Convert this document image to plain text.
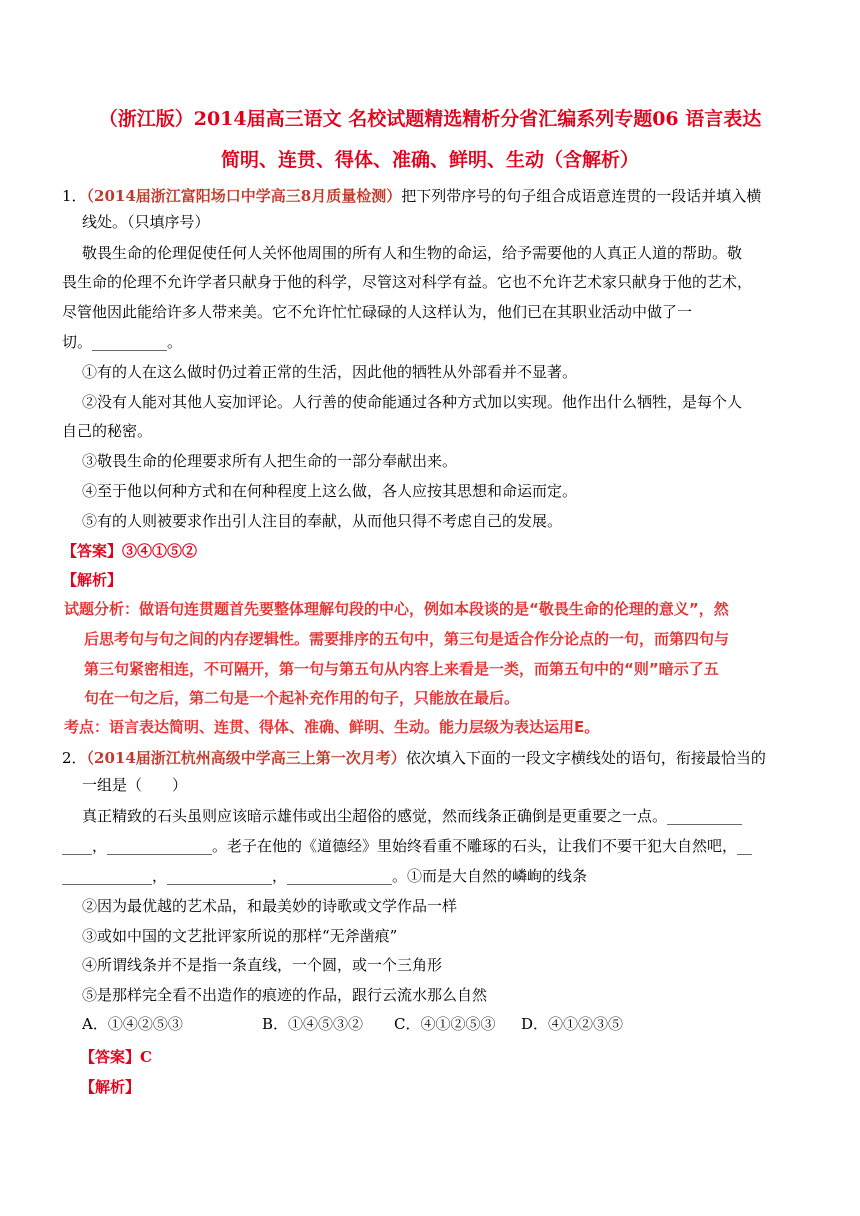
（浙江版）2014届高三语文 名校试题精选精析分省汇编系列专题06 语言表达
简明、连贯、得体、准确、鲜明、生动（含解析）
1．（2014届浙江富阳场口中学高三8月质量检测）把下列带序号的句子组合成语意连贯的一段话并填入横
线处。（只填序号）
敬畏生命的伦理促使任何人关怀他周围的所有人和生物的命运，给予需要他的人真正人道的帮助。敬
畏生命的伦理不允许学者只献身于他的科学，尽管这对科学有益。它也不允许艺术家只献身于他的艺术，
尽管他因此能给许多人带来美。它不允许忙忙碌碌的人这样认为，他们已在其职业活动中做了一
切。__________。
①有的人在这么做时仍过着正常的生活，因此他的牺牲从外部看并不显著。
②没有人能对其他人妄加评论。人行善的使命能通过各种方式加以实现。他作出什么牺牲，是每个人
自己的秘密。
③敬畏生命的伦理要求所有人把生命的一部分奉献出来。
④至于他以何种方式和在何种程度上这么做，各人应按其思想和命运而定。
⑤有的人则被要求作出引人注目的奉献，从而他只得不考虑自己的发展。
【答案】③④①⑤②
【解析】
试题分析：做语句连贯题首先要整体理解句段的中心，例如本段谈的是“敬畏生命的伦理的意义”，然
后思考句与句之间的内存逻辑性。需要排序的五句中，第三句是适合作分论点的一句，而第四句与
第三句紧密相连，不可隔开，第一句与第五句从内容上来看是一类，而第五句中的“则”暗示了五
句在一句之后，第二句是一个起补充作用的句子，只能放在最后。
考点：语言表达简明、连贯、得体、准确、鲜明、生动。能力层级为表达运用E。
2．（2014届浙江杭州高级中学高三上第一次月考）依次填入下面的一段文字横线处的语句，衔接最恰当的
一组是（　　）
真正精致的石头虽则应该暗示雄伟或出尘超俗的感觉，然而线条正确倒是更重要之一点。__________
____，______________。老子在他的《道德经》里始终看重不雕琢的石头，让我们不要干犯大自然吧，__
____________，______________，______________。①而是大自然的嶙峋的线条
②因为最优越的艺术品，和最美妙的诗歌或文学作品一样
③或如中国的文艺批评家所说的那样“无斧凿痕”
④所谓线条并不是指一条直线，一个圆，或一个三角形
⑤是那样完全看不出造作的痕迹的作品，跟行云流水那么自然
A．①④②⑤③	B．①④⑤③② C．④①②⑤③ D．④①②③⑤
【答案】C
【解析】
